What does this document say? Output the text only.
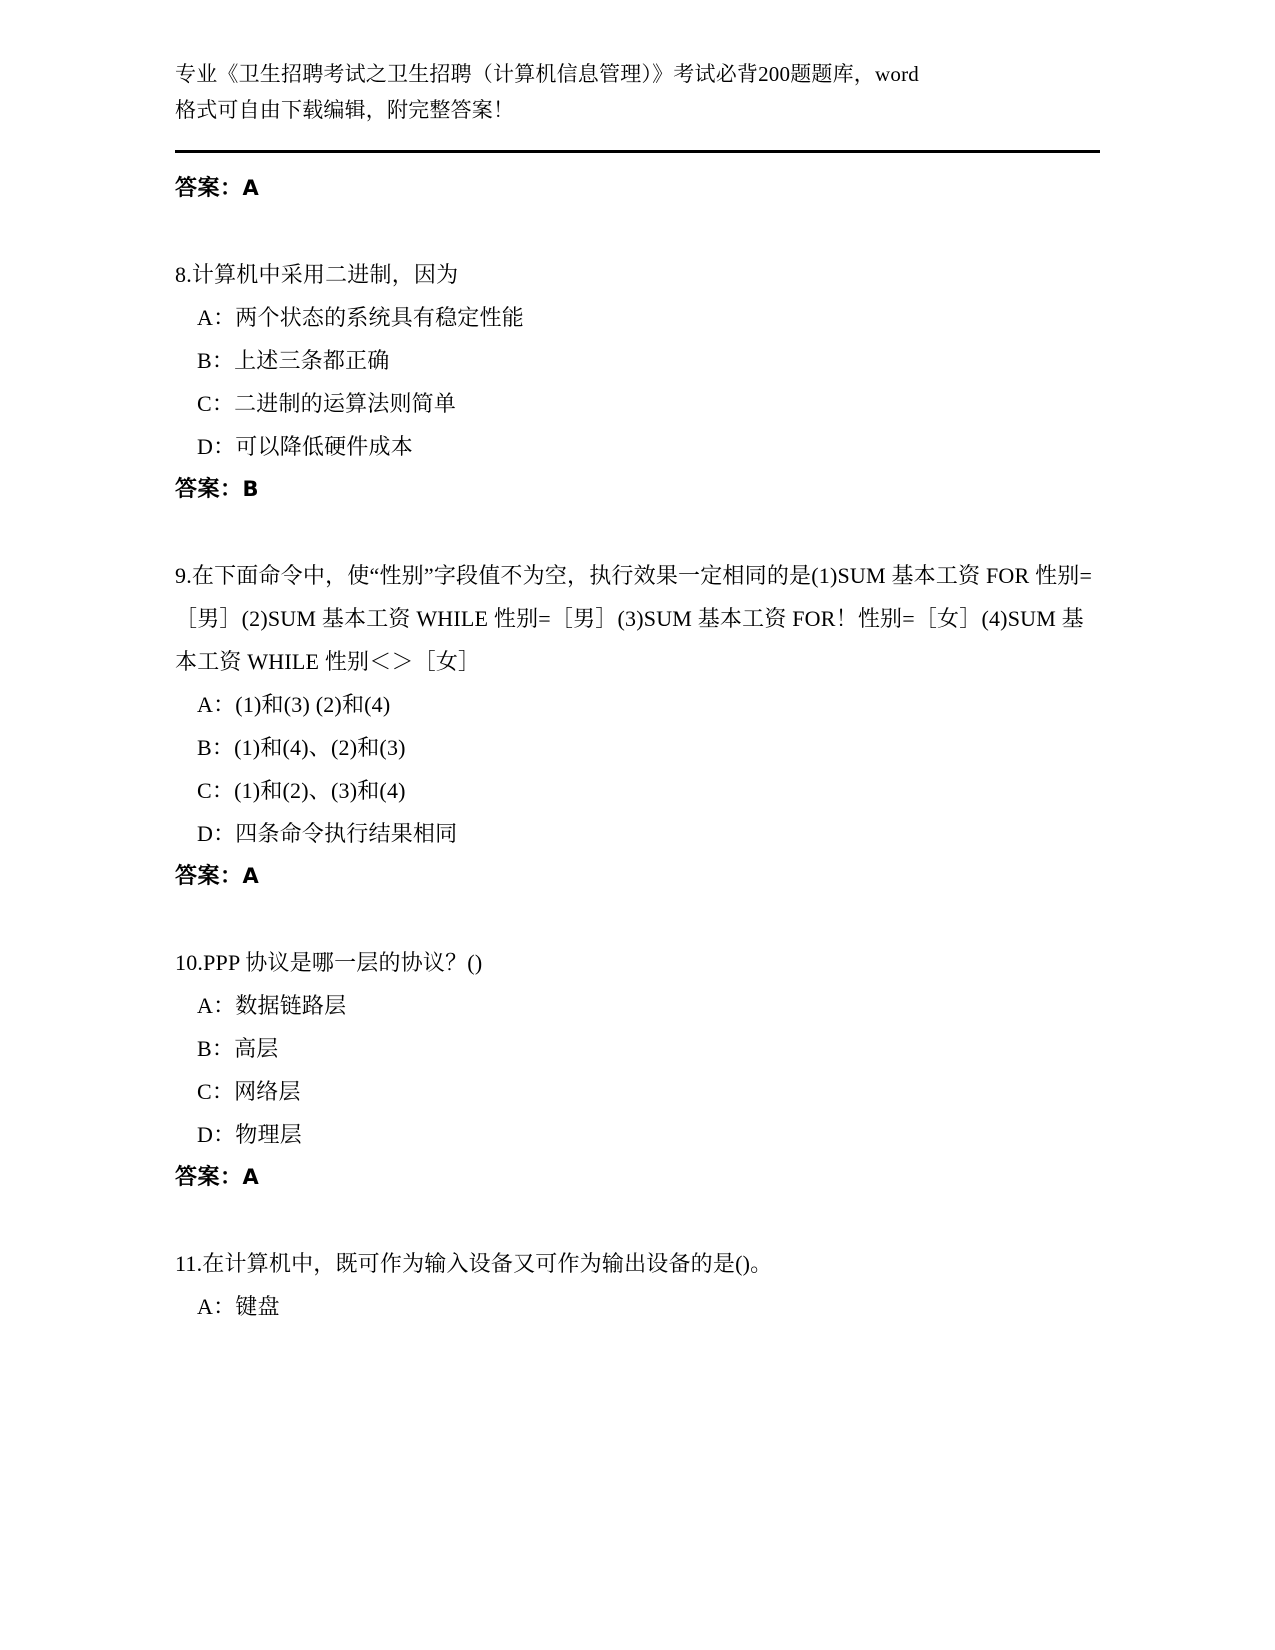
专业《卫生招聘考试之卫生招聘（计算机信息管理）》考试必背200题题库，word
格式可自由下载编辑，附完整答案！

答案：A

8.计算机中采用二进制，因为

A：两个状态的系统具有稳定性能

B：上述三条都正确

C：二进制的运算法则简单

D：可以降低硬件成本

答案：B

9.在下面命令中，使“性别”字段值不为空，执行效果一定相同的是(1)SUM 基本工资 FOR 性别=［男］(2)SUM 基本工资 WHILE 性别=［男］(3)SUM 基本工资 FOR！性别=［女］(4)SUM 基本工资 WHILE 性别＜＞［女］

A：(1)和(3) (2)和(4)

B：(1)和(4)、(2)和(3)

C：(1)和(2)、(3)和(4)

D：四条命令执行结果相同

答案：A

10.PPP 协议是哪一层的协议？()

A：数据链路层

B：高层

C：网络层

D：物理层

答案：A

11.在计算机中，既可作为输入设备又可作为输出设备的是()。

A：键盘
